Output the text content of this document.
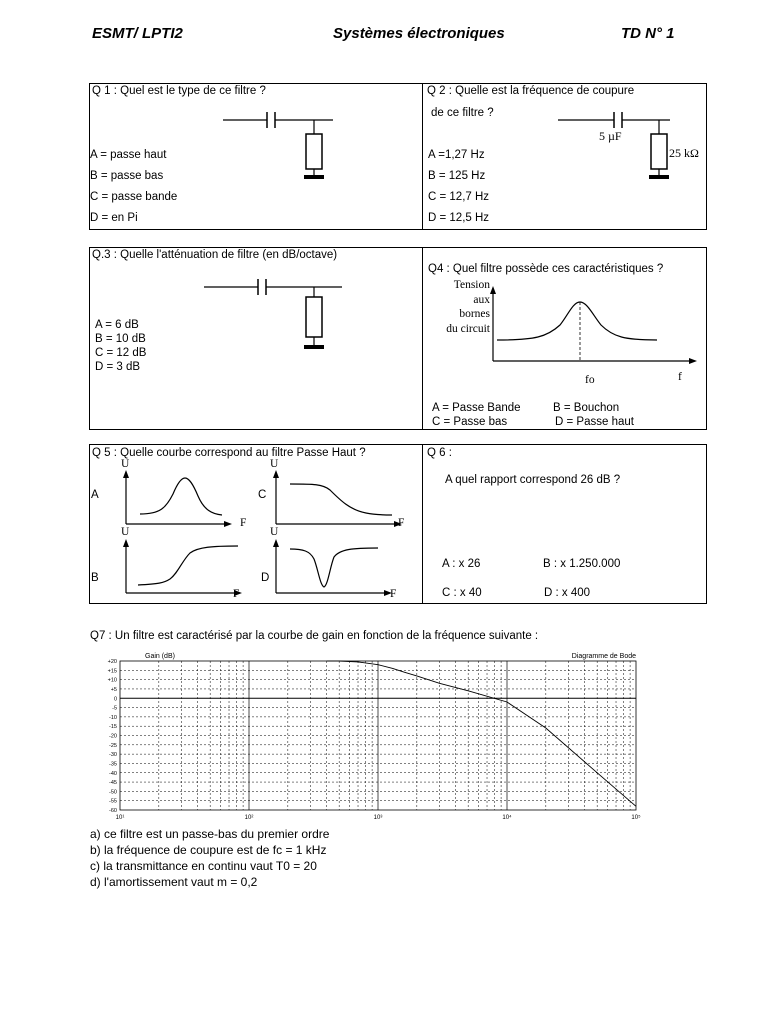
ESMT/ LPTI2	Systèmes électroniques	TD N° 1
Q 1 : Quel est le type de ce filtre ?
A = passe haut
B = passe bas
C = passe bande
D = en Pi
Q 2 : Quelle est la fréquence de coupure
de ce filtre ?
5 µF
25 kΩ
A =1,27 Hz
B = 125 Hz
C = 12,7 Hz
D = 12,5 Hz
Q.3 : Quelle l'atténuation de filtre (en dB/octave)
A = 6 dB
B = 10 dB
C = 12 dB
D = 3 dB
Q4 : Quel filtre possède ces caractéristiques ?
Tension
aux
bornes
du circuit
fo	f
A = Passe Bande	B = Bouchon
C = Passe bas	D = Passe haut
Q 5 : Quelle courbe correspond au filtre Passe Haut ?
U
A
F
U
C
F
U
B
F
U
D
F
Q 6 :
A quel rapport correspond 26 dB ?
A : x 26	B : x 1.250.000
C : x 40	D : x 400
Q7 : Un filtre est caractérisé par la courbe de gain en fonction de la fréquence suivante :
+20
+15
+10
+5
0
-5
-10
-15
-20
-25
-30
-35
-40
-45
-50
-55
-60
10¹	10²	10³	10⁴	10⁵
Gain (dB)	Diagramme de Bode
a) ce filtre est un passe-bas du premier ordre
b) la fréquence de coupure est de fc = 1 kHz
c) la transmittance en continu vaut T0 = 20
d) l'amortissement vaut m = 0,2
